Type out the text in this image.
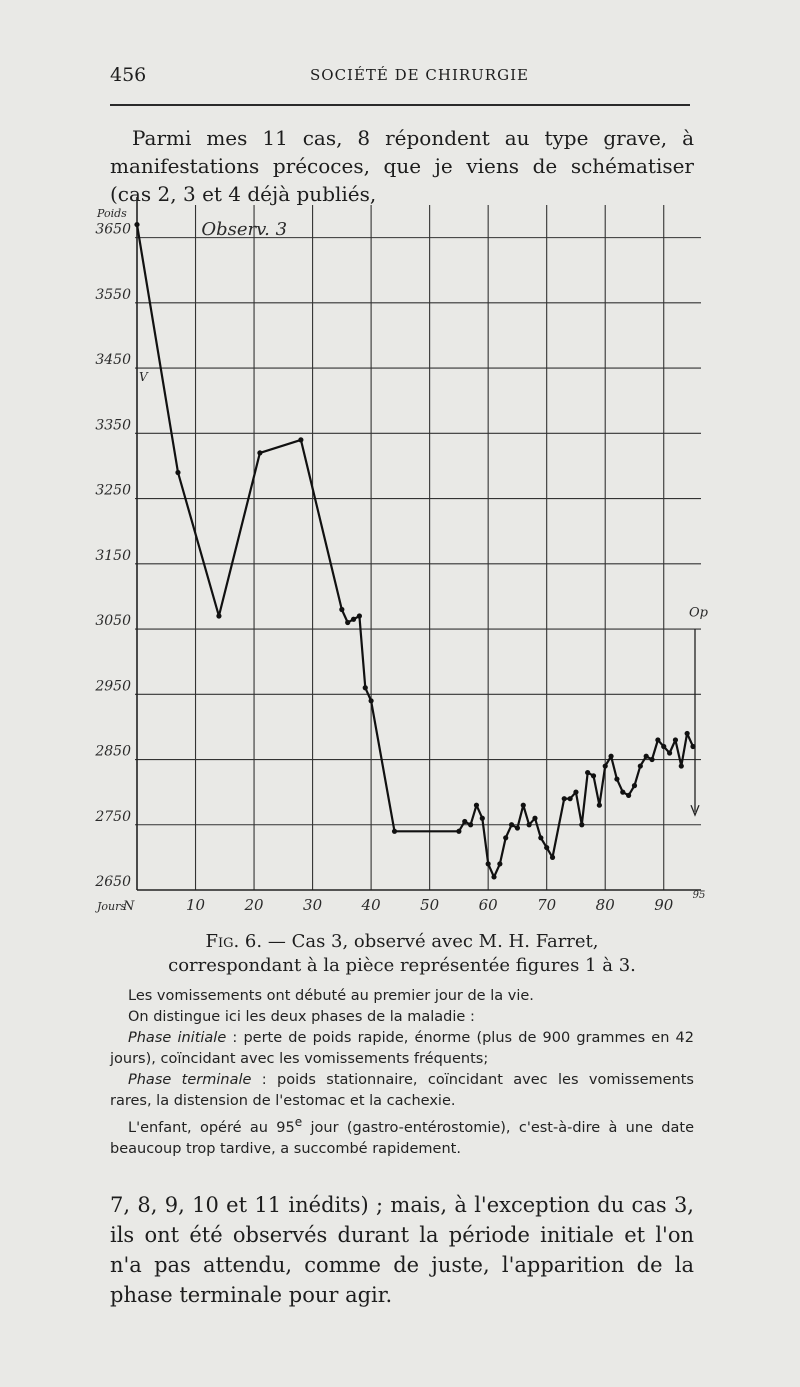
456	SOCIÉTÉ DE CHIRURGIE

Parmi mes 11 cas, 8 répondent au type grave, à manifestations précoces, que je viens de schématiser (cas 2, 3 et 4 déjà publiés,

3650
3550
3450
3350
3250
3150
3050
2950
2850
2750
2650
10	20	30	40	50	60	70	80	90
95
Poids
Jours
N
Observ. 3
V
Op

Fig. 6. — Cas 3, observé avec M. H. Farret,

correspondant à la pièce représentée figures 1 à 3.

Les vomissements ont débuté au premier jour de la vie.

On distingue ici les deux phases de la maladie :

Phase initiale : perte de poids rapide, énorme (plus de 900 grammes en 42 jours), coïncidant avec les vomissements fréquents;

Phase terminale : poids stationnaire, coïncidant avec les vomissements rares, la distension de l'estomac et la cachexie.

L'enfant, opéré au 95e jour (gastro-entérostomie), c'est-à-dire à une date beaucoup trop tardive, a succombé rapidement.

7, 8, 9, 10 et 11 inédits) ; mais, à l'exception du cas 3, ils ont été observés durant la période initiale et l'on n'a pas attendu, comme de juste, l'apparition de la phase terminale pour agir.
